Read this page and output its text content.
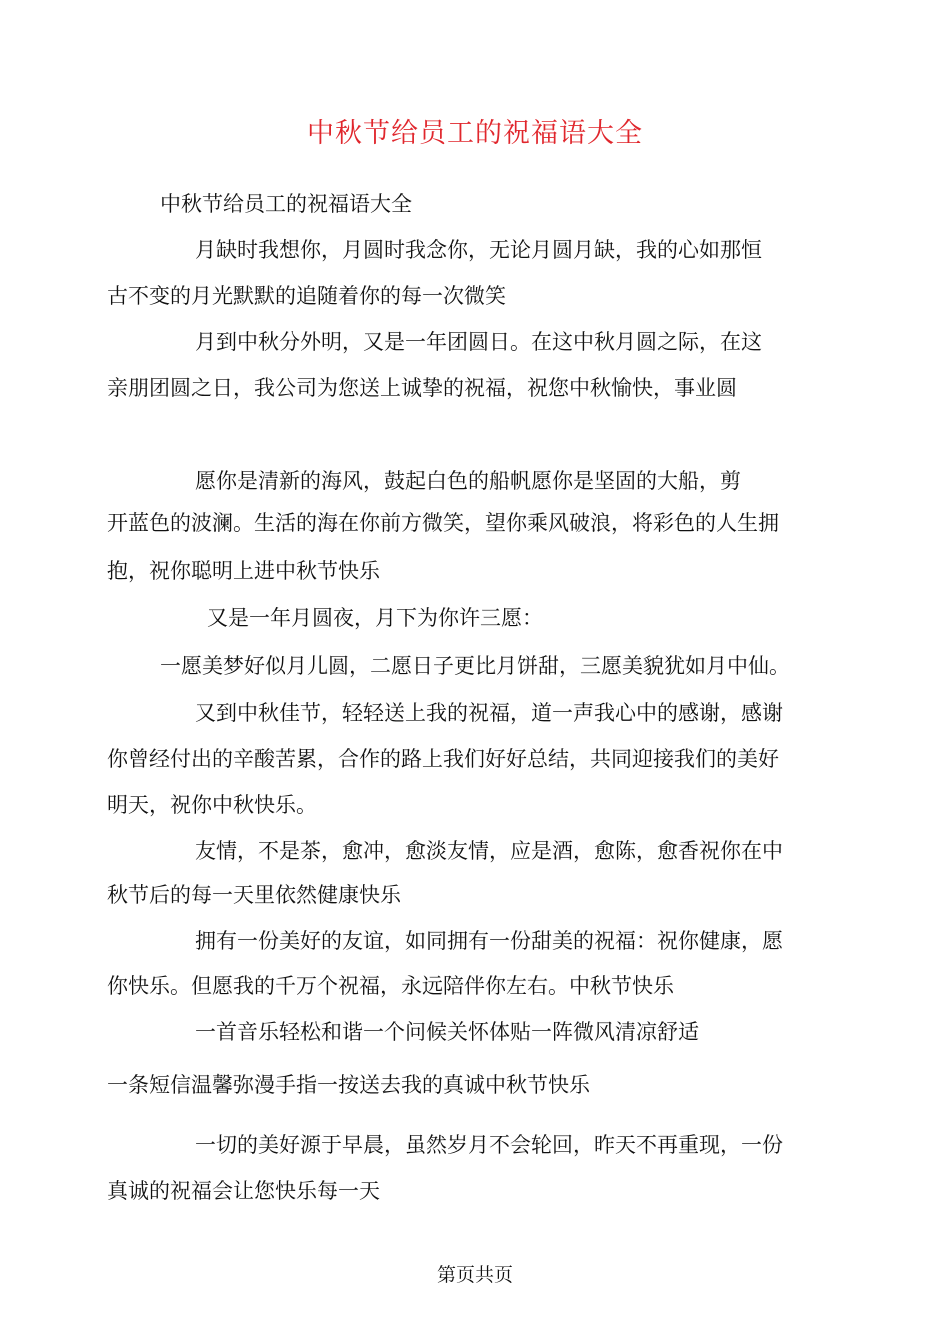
中秋节给员工的祝福语大全
中秋节给员工的祝福语大全
月缺时我想你，月圆时我念你，无论月圆月缺，我的心如那恒
古不变的月光默默的追随着你的每一次微笑
月到中秋分外明，又是一年团圆日。在这中秋月圆之际，在这
亲朋团圆之日，我公司为您送上诚挚的祝福，祝您中秋愉快，事业圆
愿你是清新的海风，鼓起白色的船帆愿你是坚固的大船，剪
开蓝色的波澜。生活的海在你前方微笑，望你乘风破浪，将彩色的人生拥
抱，祝你聪明上进中秋节快乐
又是一年月圆夜，月下为你许三愿：
一愿美梦好似月儿圆，二愿日子更比月饼甜，三愿美貌犹如月中仙。
又到中秋佳节，轻轻送上我的祝福，道一声我心中的感谢，感谢
你曾经付出的辛酸苦累，合作的路上我们好好总结，共同迎接我们的美好
明天，祝你中秋快乐。
友情，不是茶，愈冲，愈淡友情，应是酒，愈陈，愈香祝你在中
秋节后的每一天里依然健康快乐
拥有一份美好的友谊，如同拥有一份甜美的祝福：祝你健康，愿
你快乐。但愿我的千万个祝福，永远陪伴你左右。中秋节快乐
一首音乐轻松和谐一个问候关怀体贴一阵微风清凉舒适
一条短信温馨弥漫手指一按送去我的真诚中秋节快乐
一切的美好源于早晨，虽然岁月不会轮回，昨天不再重现，一份
真诚的祝福会让您快乐每一天
第页共页
